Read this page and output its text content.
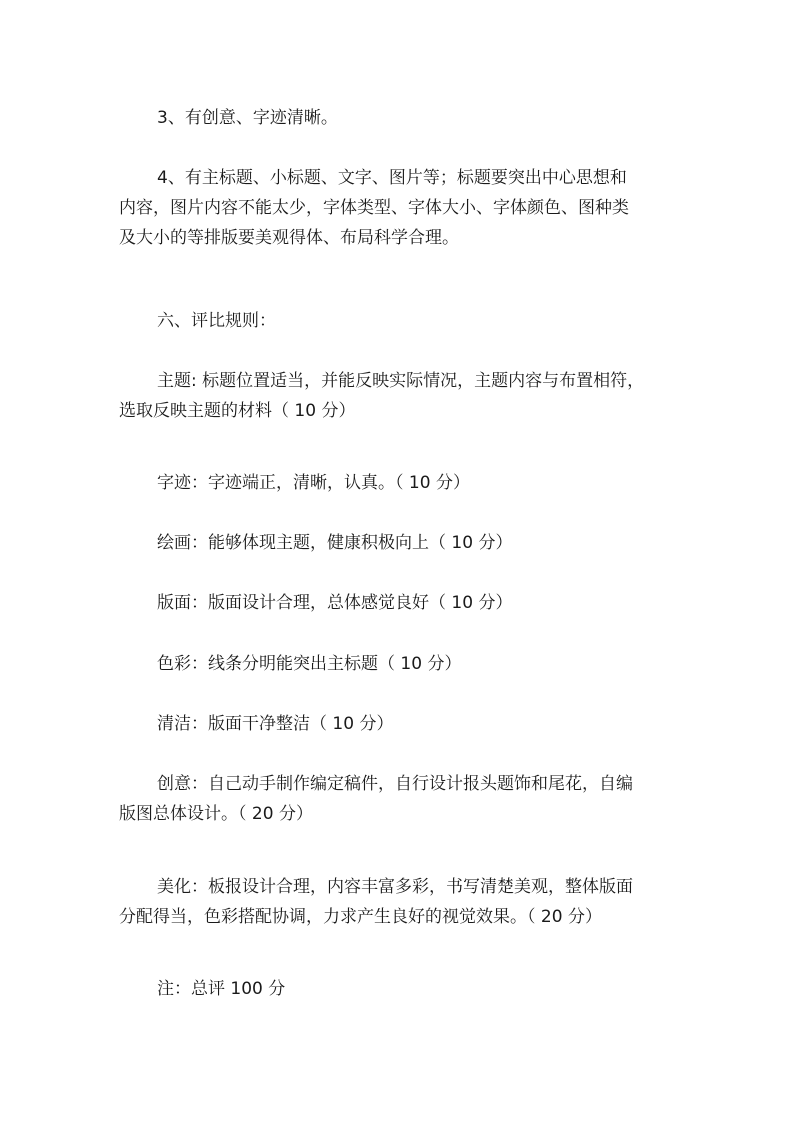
3、有创意、字迹清晰。

4、有主标题、小标题、文字、图片等；标题要突出中心思想和
内容，图片内容不能太少，字体类型、字体大小、字体颜色、图种类
及大小的等排版要美观得体、布局科学合理。

六、评比规则：

主题: 标题位置适当，并能反映实际情况，主题内容与布置相符，
选取反映主题的材料（ 10 分）

字迹：字迹端正，清晰，认真。（ 10 分）

绘画：能够体现主题，健康积极向上（ 10 分）

版面：版面设计合理，总体感觉良好（ 10 分）

色彩：线条分明能突出主标题（ 10 分）

清洁：版面干净整洁（ 10 分）

创意：自己动手制作编定稿件，自行设计报头题饰和尾花，自编
版图总体设计。（ 20 分）

美化：板报设计合理，内容丰富多彩，书写清楚美观，整体版面
分配得当，色彩搭配协调，力求产生良好的视觉效果。（ 20 分）

注：总评 100 分
